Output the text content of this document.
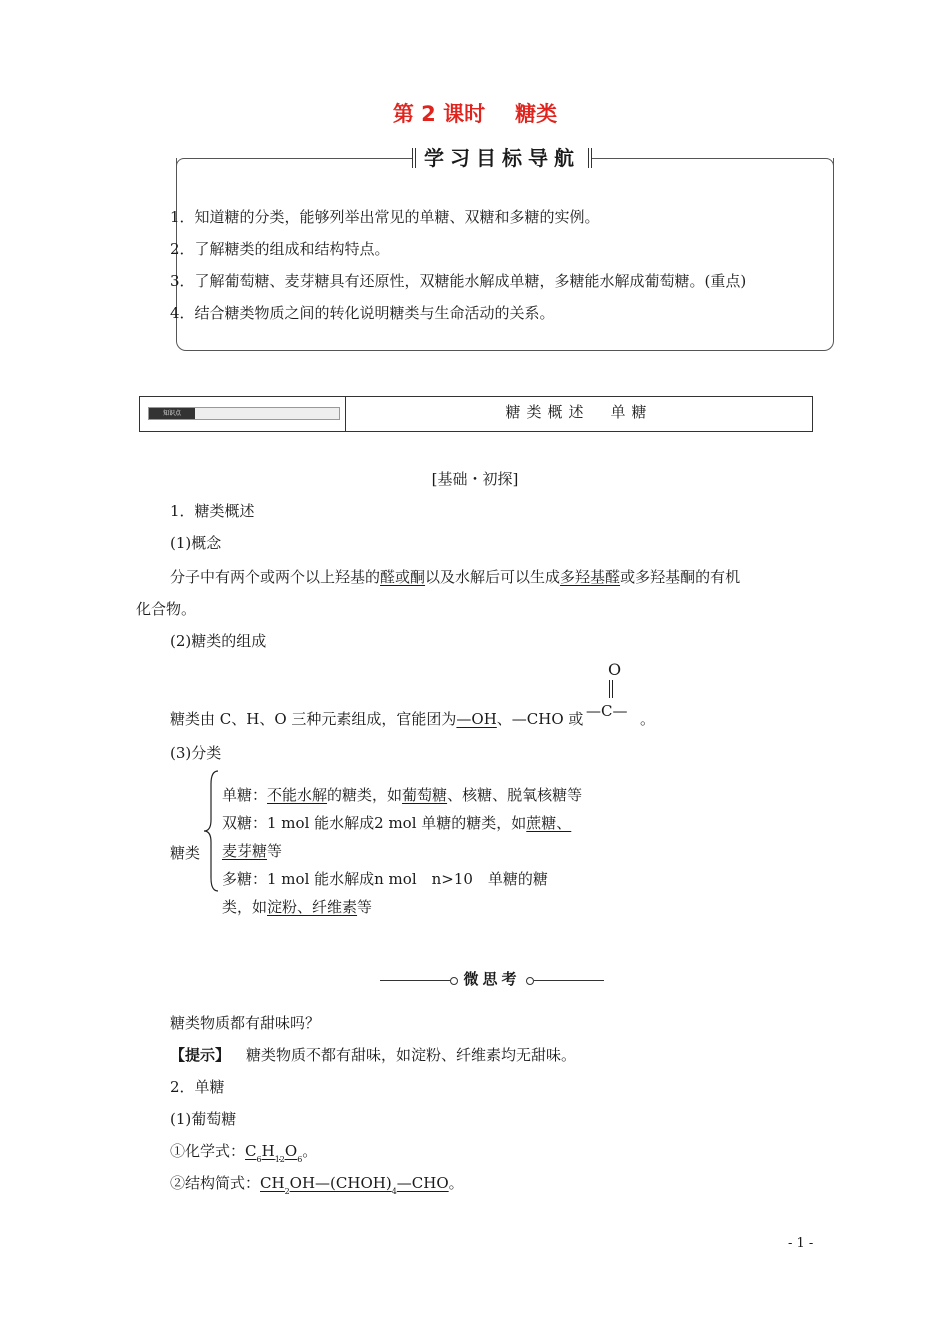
第 2 课时 糖类
学习目标导航
1．知道糖的分类，能够列举出常见的单糖、双糖和多糖的实例。
2．了解糖类的组成和结构特点。
3．了解葡萄糖、麦芽糖具有还原性，双糖能水解成单糖，多糖能水解成葡萄糖。(重点)
4．结合糖类物质之间的转化说明糖类与生命活动的关系。
知识点	糖类概述　单糖
[基础・初探]
1．糖类概述
(1)概念
分子中有两个或两个以上羟基的醛或酮以及水解后可以生成多羟基醛或多羟基酮的有机
化合物。
(2)糖类的组成
O
糖类由 C、H、O 三种元素组成，官能团为—OH、—CHO 或 —C— 。
(3)分类
糖类
单糖：不能水解的糖类，如葡萄糖、核糖、脱氧核糖等
双糖：1 mol 能水解成2 mol 单糖的糖类，如蔗糖、
麦芽糖等
多糖：1 mol 能水解成n mol　n>10　单糖的糖
类，如淀粉、纤维素等
微思考
糖类物质都有甜味吗？
【提示】 糖类物质不都有甜味，如淀粉、纤维素均无甜味。
2．单糖
(1)葡萄糖
①化学式：$C_6H_{12}O_6$。
②结构简式：$CH_2OH—(CHOH)_4—CHO$。
- 1 -
